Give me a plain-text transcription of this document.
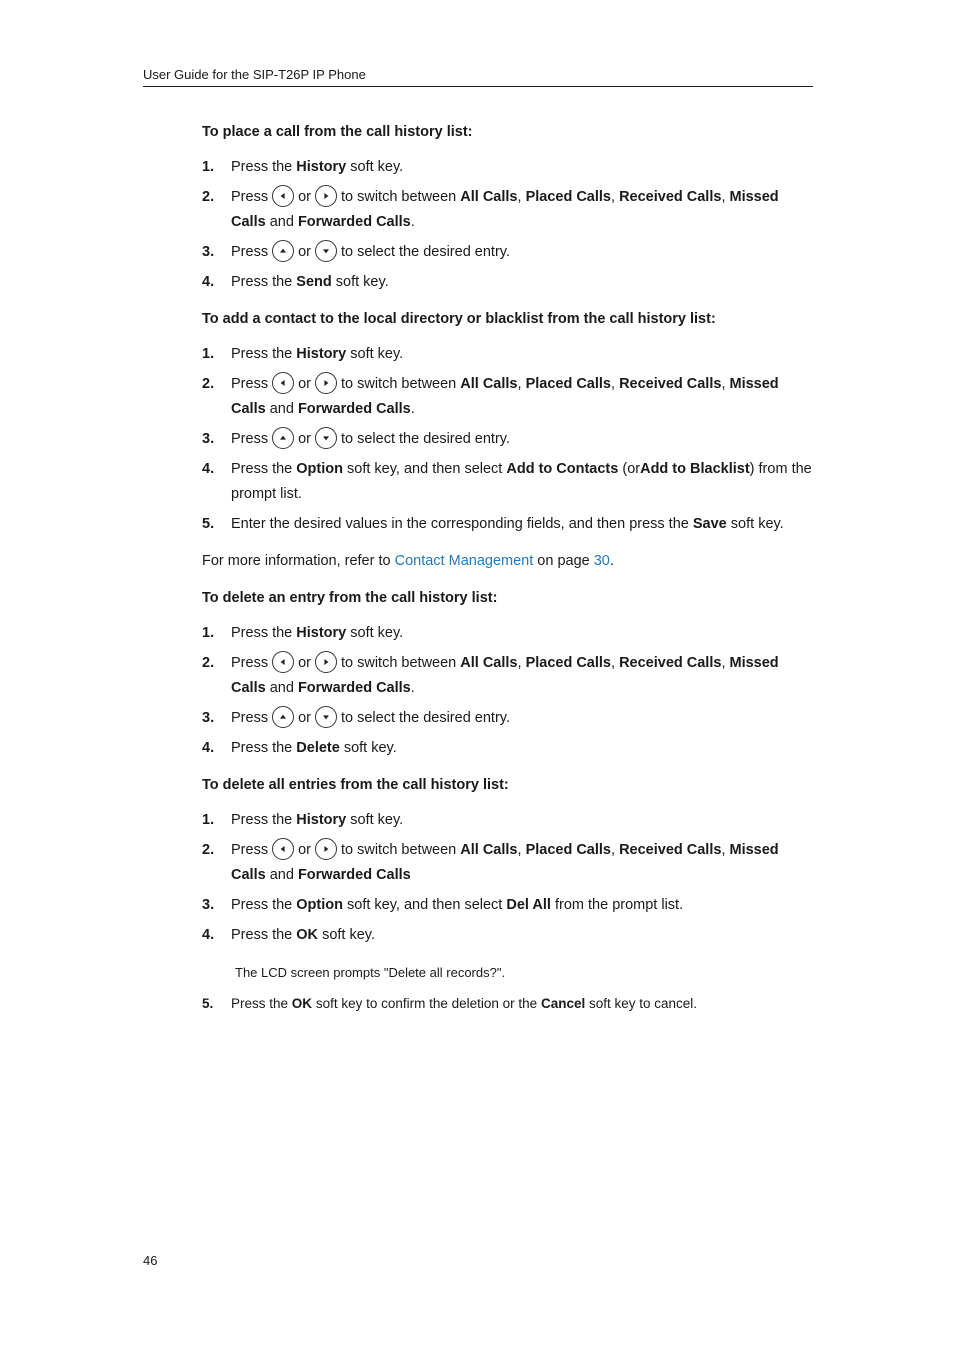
User Guide for the SIP-T26P IP Phone

To place a call from the call history list:

1. Press the History soft key.
2. Press or to switch between All Calls, Placed Calls, Received Calls, Missed Calls and Forwarded Calls.
3. Press or to select the desired entry.
4. Press the Send soft key.

To add a contact to the local directory or blacklist from the call history list:

1. Press the History soft key.
2. Press or to switch between All Calls, Placed Calls, Received Calls, Missed Calls and Forwarded Calls.
3. Press or to select the desired entry.
4. Press the Option soft key, and then select Add to Contacts (orAdd to Blacklist) from the prompt list.
5. Enter the desired values in the corresponding fields, and then press the Save soft key.

For more information, refer to Contact Management on page 30.

To delete an entry from the call history list:

1. Press the History soft key.
2. Press or to switch between All Calls, Placed Calls, Received Calls, Missed Calls and Forwarded Calls.
3. Press or to select the desired entry.
4. Press the Delete soft key.

To delete all entries from the call history list:

1. Press the History soft key.
2. Press or to switch between All Calls, Placed Calls, Received Calls, Missed Calls and Forwarded Calls
3. Press the Option soft key, and then select Del All from the prompt list.
4. Press the OK soft key.

The LCD screen prompts "Delete all records?".

5. Press the OK soft key to confirm the deletion or the Cancel soft key to cancel.
46
